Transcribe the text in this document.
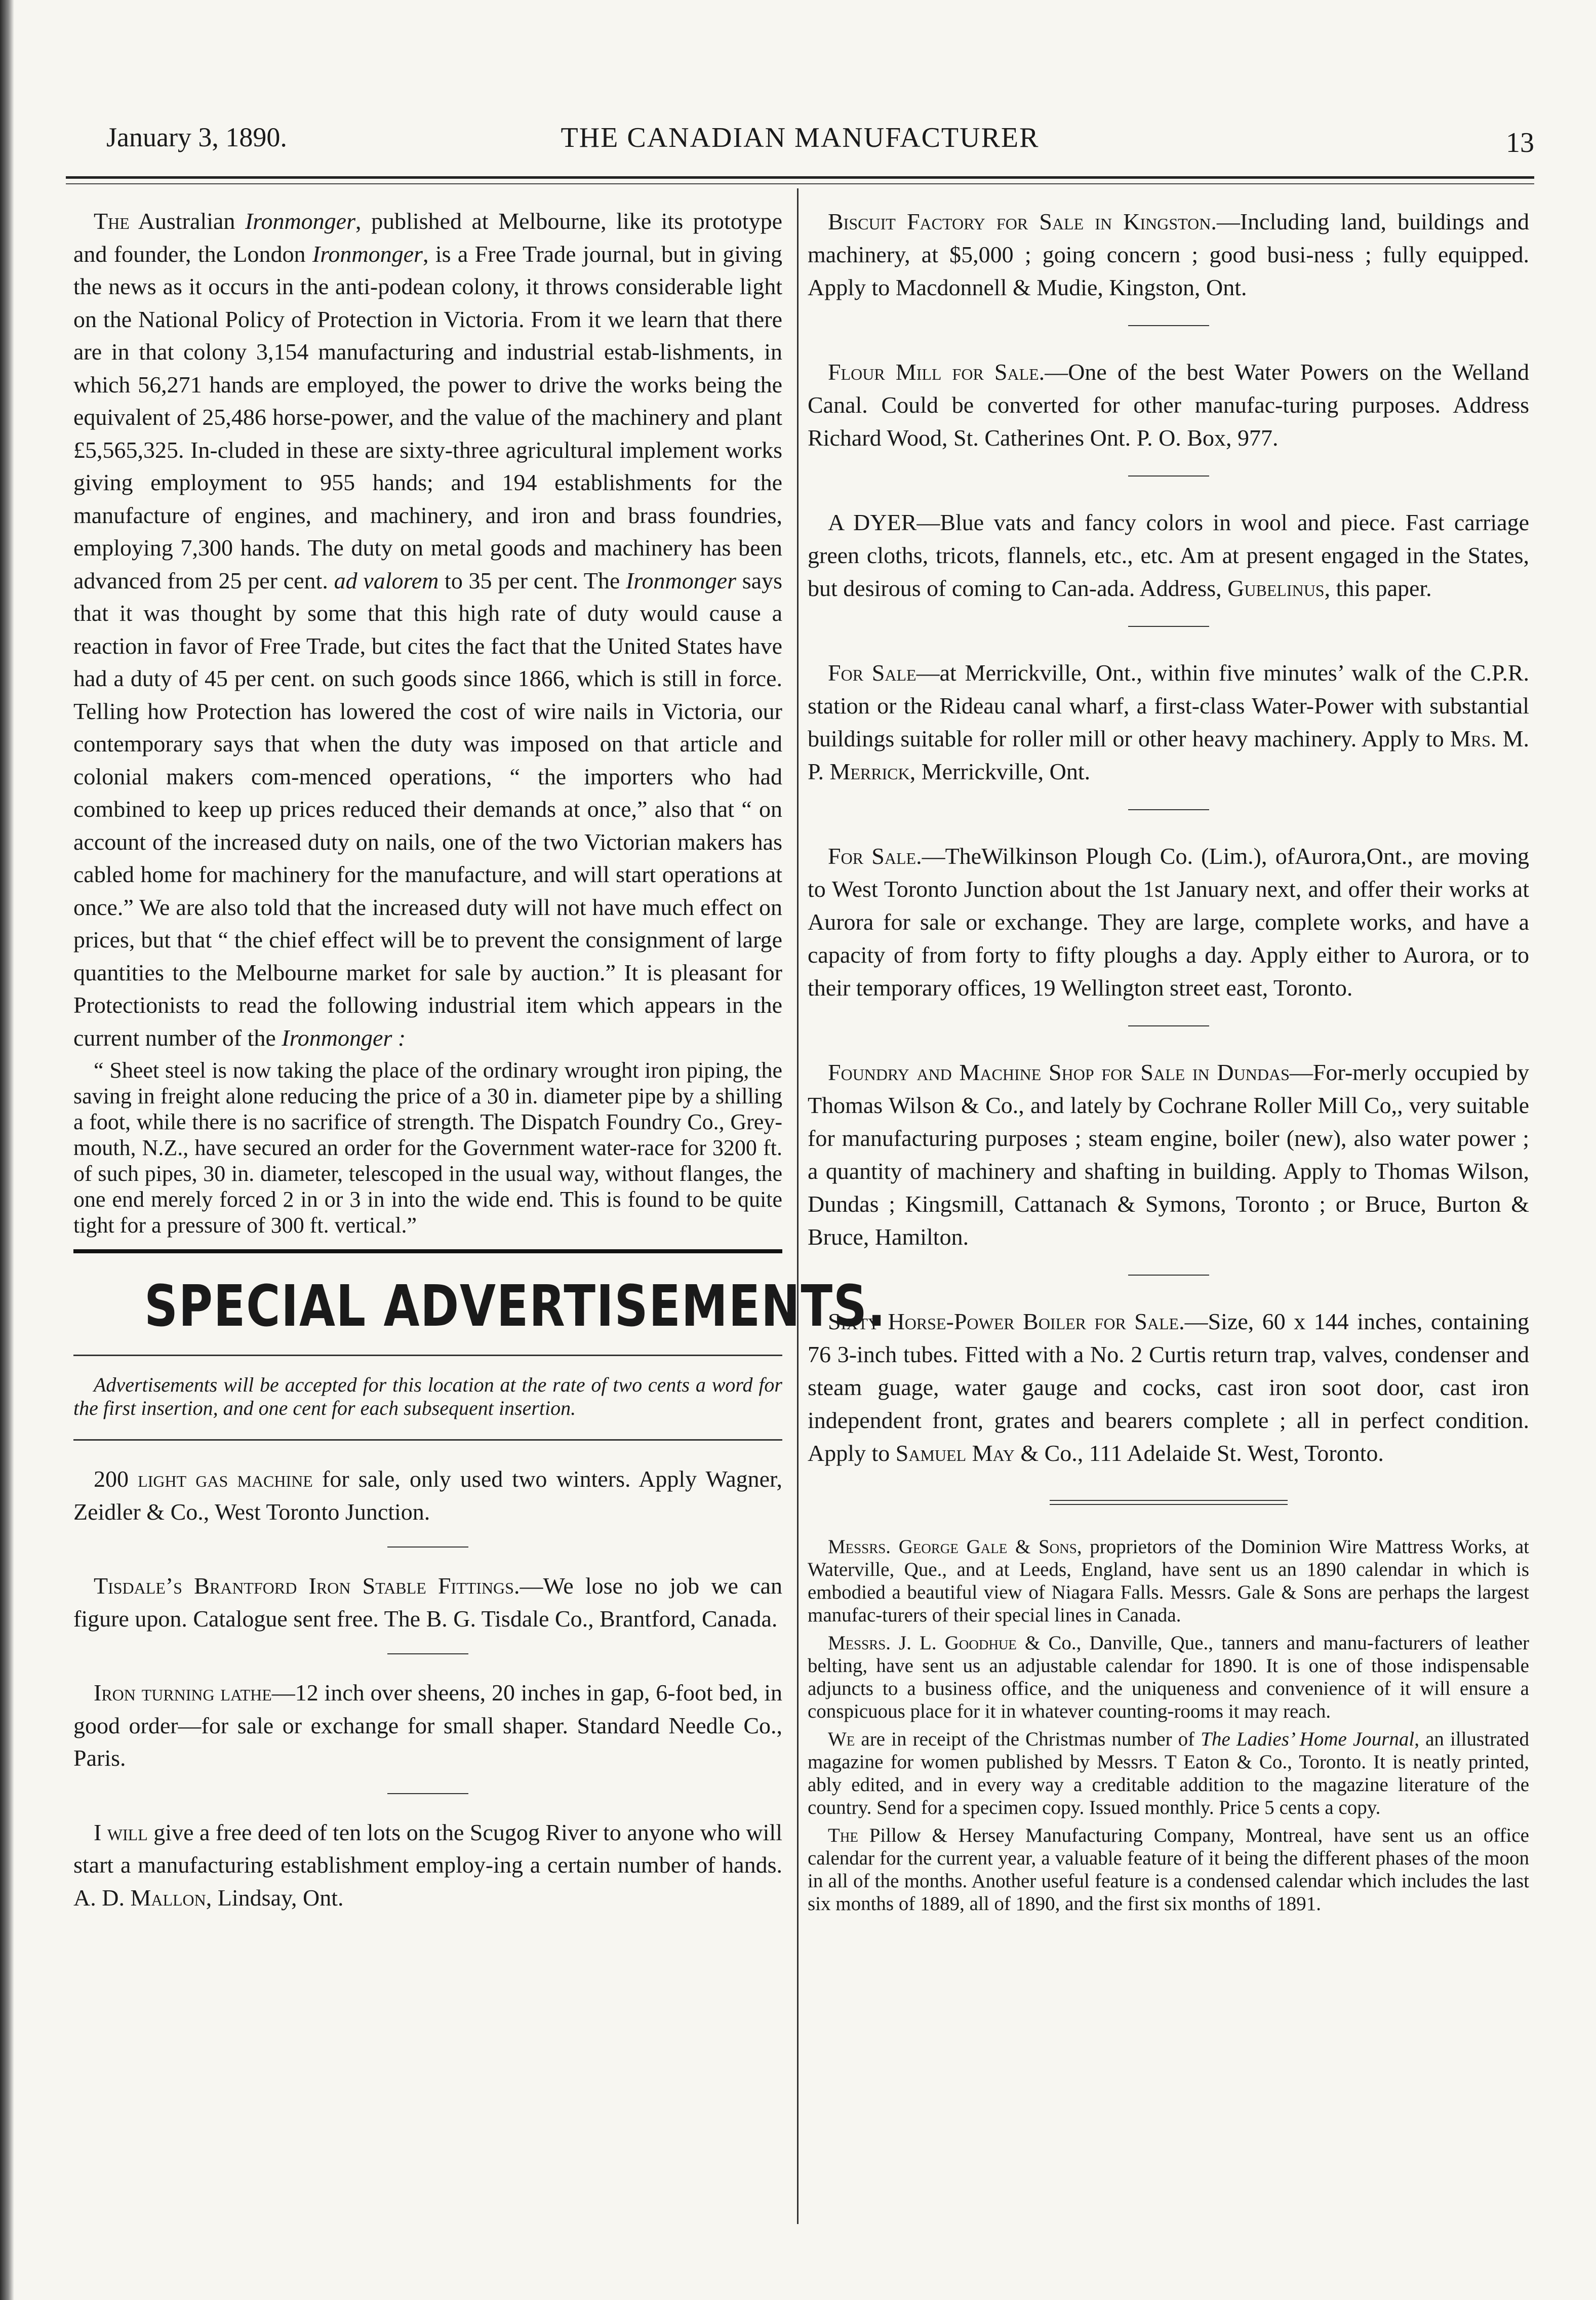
January 3, 1890.	THE CANADIAN MANUFACTURER	13

The Australian Ironmonger, published at Melbourne, like its prototype and founder, the London Ironmonger, is a Free Trade journal, but in giving the news as it occurs in the anti-podean colony, it throws considerable light on the National Policy of Protection in Victoria. From it we learn that there are in that colony 3,154 manufacturing and industrial estab-lishments, in which 56,271 hands are employed, the power to drive the works being the equivalent of 25,486 horse-power, and the value of the machinery and plant £5,565,325. In-cluded in these are sixty-three agricultural implement works giving employment to 955 hands; and 194 establishments for the manufacture of engines, and machinery, and iron and brass foundries, employing 7,300 hands. The duty on metal goods and machinery has been advanced from 25 per cent. ad valorem to 35 per cent. The Ironmonger says that it was thought by some that this high rate of duty would cause a reaction in favor of Free Trade, but cites the fact that the United States have had a duty of 45 per cent. on such goods since 1866, which is still in force. Telling how Protection has lowered the cost of wire nails in Victoria, our contemporary says that when the duty was imposed on that article and colonial makers com-menced operations, “ the importers who had combined to keep up prices reduced their demands at once,” also that “ on account of the increased duty on nails, one of the two Victorian makers has cabled home for machinery for the manufacture, and will start operations at once.” We are also told that the increased duty will not have much effect on prices, but that “ the chief effect will be to prevent the consignment of large quantities to the Melbourne market for sale by auction.” It is pleasant for Protectionists to read the following industrial item which appears in the current number of the Ironmonger :

“ Sheet steel is now taking the place of the ordinary wrought iron piping, the saving in freight alone reducing the price of a 30 in. diameter pipe by a shilling a foot, while there is no sacrifice of strength. The Dispatch Foundry Co., Grey-mouth, N.Z., have secured an order for the Government water-race for 3200 ft. of such pipes, 30 in. diameter, telescoped in the usual way, without flanges, the one end merely forced 2 in or 3 in into the wide end. This is found to be quite tight for a pressure of 300 ft. vertical.”

SPECIAL ADVERTISEMENTS.

Advertisements will be accepted for this location at the rate of two cents a word for the first insertion, and one cent for each subsequent insertion.

200 light gas machine for sale, only used two winters. Apply Wagner, Zeidler & Co., West Toronto Junction.

Tisdale’s Brantford Iron Stable Fittings.—We lose no job we can figure upon. Catalogue sent free. The B. G. Tisdale Co., Brantford, Canada.

Iron turning lathe—12 inch over sheens, 20 inches in gap, 6-foot bed, in good order—for sale or exchange for small shaper. Standard Needle Co., Paris.

I will give a free deed of ten lots on the Scugog River to anyone who will start a manufacturing establishment employ-ing a certain number of hands. A. D. Mallon, Lindsay, Ont.

Biscuit Factory for Sale in Kingston.—Including land, buildings and machinery, at $5,000 ; going concern ; good busi-ness ; fully equipped. Apply to Macdonnell & Mudie, Kingston, Ont.

Flour Mill for Sale.—One of the best Water Powers on the Welland Canal. Could be converted for other manufac-turing purposes. Address Richard Wood, St. Catherines Ont. P. O. Box, 977.

A DYER—Blue vats and fancy colors in wool and piece. Fast carriage green cloths, tricots, flannels, etc., etc. Am at present engaged in the States, but desirous of coming to Can-ada. Address, Gubelinus, this paper.

For Sale—at Merrickville, Ont., within five minutes’ walk of the C.P.R. station or the Rideau canal wharf, a first-class Water-Power with substantial buildings suitable for roller mill or other heavy machinery. Apply to Mrs. M. P. Merrick, Merrickville, Ont.

For Sale.—TheWilkinson Plough Co. (Lim.), ofAurora,Ont., are moving to West Toronto Junction about the 1st January next, and offer their works at Aurora for sale or exchange. They are large, complete works, and have a capacity of from forty to fifty ploughs a day. Apply either to Aurora, or to their temporary offices, 19 Wellington street east, Toronto.

Foundry and Machine Shop for Sale in Dundas—For-merly occupied by Thomas Wilson & Co., and lately by Cochrane Roller Mill Co,, very suitable for manufacturing purposes ; steam engine, boiler (new), also water power ; a quantity of machinery and shafting in building. Apply to Thomas Wilson, Dundas ; Kingsmill, Cattanach & Symons, Toronto ; or Bruce, Burton & Bruce, Hamilton.

Sixty Horse-Power Boiler for Sale.—Size, 60 x 144 inches, containing 76 3-inch tubes. Fitted with a No. 2 Curtis return trap, valves, condenser and steam guage, water gauge and cocks, cast iron soot door, cast iron independent front, grates and bearers complete ; all in perfect condition. Apply to Samuel May & Co., 111 Adelaide St. West, Toronto.

Messrs. George Gale & Sons, proprietors of the Dominion Wire Mattress Works, at Waterville, Que., and at Leeds, England, have sent us an 1890 calendar in which is embodied a beautiful view of Niagara Falls. Messrs. Gale & Sons are perhaps the largest manufac-turers of their special lines in Canada.

Messrs. J. L. Goodhue & Co., Danville, Que., tanners and manu-facturers of leather belting, have sent us an adjustable calendar for 1890. It is one of those indispensable adjuncts to a business office, and the uniqueness and convenience of it will ensure a conspicuous place for it in whatever counting-rooms it may reach.

We are in receipt of the Christmas number of The Ladies’ Home Journal, an illustrated magazine for women published by Messrs. T Eaton & Co., Toronto. It is neatly printed, ably edited, and in every way a creditable addition to the magazine literature of the country. Send for a specimen copy. Issued monthly. Price 5 cents a copy.

The Pillow & Hersey Manufacturing Company, Montreal, have sent us an office calendar for the current year, a valuable feature of it being the different phases of the moon in all of the months. Another useful feature is a condensed calendar which includes the last six months of 1889, all of 1890, and the first six months of 1891.
